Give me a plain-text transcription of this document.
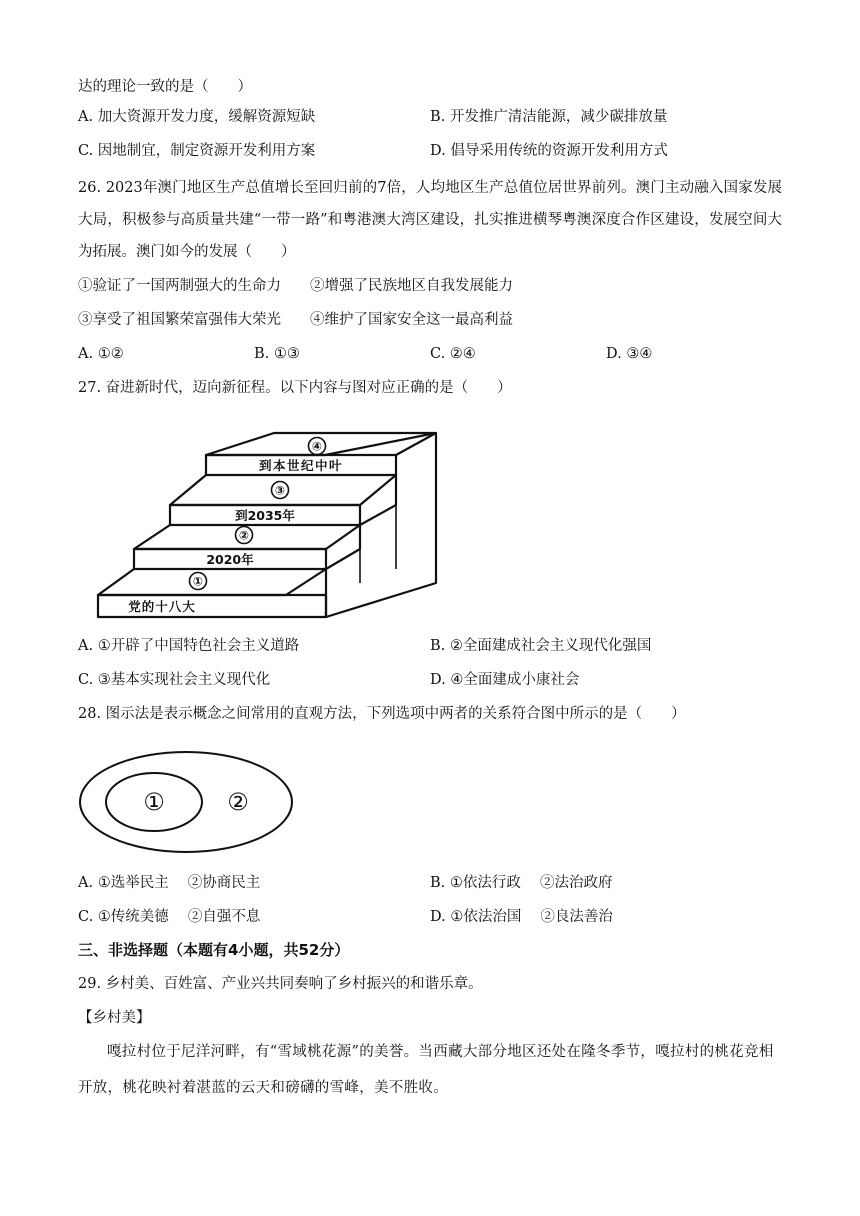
达的理论一致的是（　　）
A. 加大资源开发力度，缓解资源短缺	B. 开发推广清洁能源，减少碳排放量
C. 因地制宜，制定资源开发利用方案	D. 倡导采用传统的资源开发利用方式
26. 2023年澳门地区生产总值增长至回归前的7倍，人均地区生产总值位居世界前列。澳门主动融入国家发展大局，积极参与高质量共建“一带一路”和粤港澳大湾区建设，扎实推进横琴粤澳深度合作区建设，发展空间大为拓展。澳门如今的发展（　　）
①验证了一国两制强大的生命力　　②增强了民族地区自我发展能力
③享受了祖国繁荣富强伟大荣光　　④维护了国家安全这一最高利益
A. ①②	B. ①③	C. ②④	D. ③④
27. 奋进新时代，迈向新征程。以下内容与图对应正确的是（　　）
④
③
②
①
到本世纪中叶
到2035年
2020年
党的十八大
A. ①开辟了中国特色社会主义道路	B. ②全面建成社会主义现代化强国
C. ③基本实现社会主义现代化	D. ④全面建成小康社会
28. 图示法是表示概念之间常用的直观方法，下列选项中两者的关系符合图中所示的是（　　）
①	②
A. ①选举民主　 ②协商民主	B. ①依法行政　 ②法治政府
C. ①传统美德　 ②自强不息	D. ①依法治国　 ②良法善治
三、非选择题（本题有4小题，共52分）
29. 乡村美、百姓富、产业兴共同奏响了乡村振兴的和谐乐章。
【乡村美】
嘎拉村位于尼洋河畔，有“雪域桃花源”的美誉。当西藏大部分地区还处在隆冬季节，嘎拉村的桃花竞相开放，桃花映衬着湛蓝的云天和磅礴的雪峰，美不胜收。
